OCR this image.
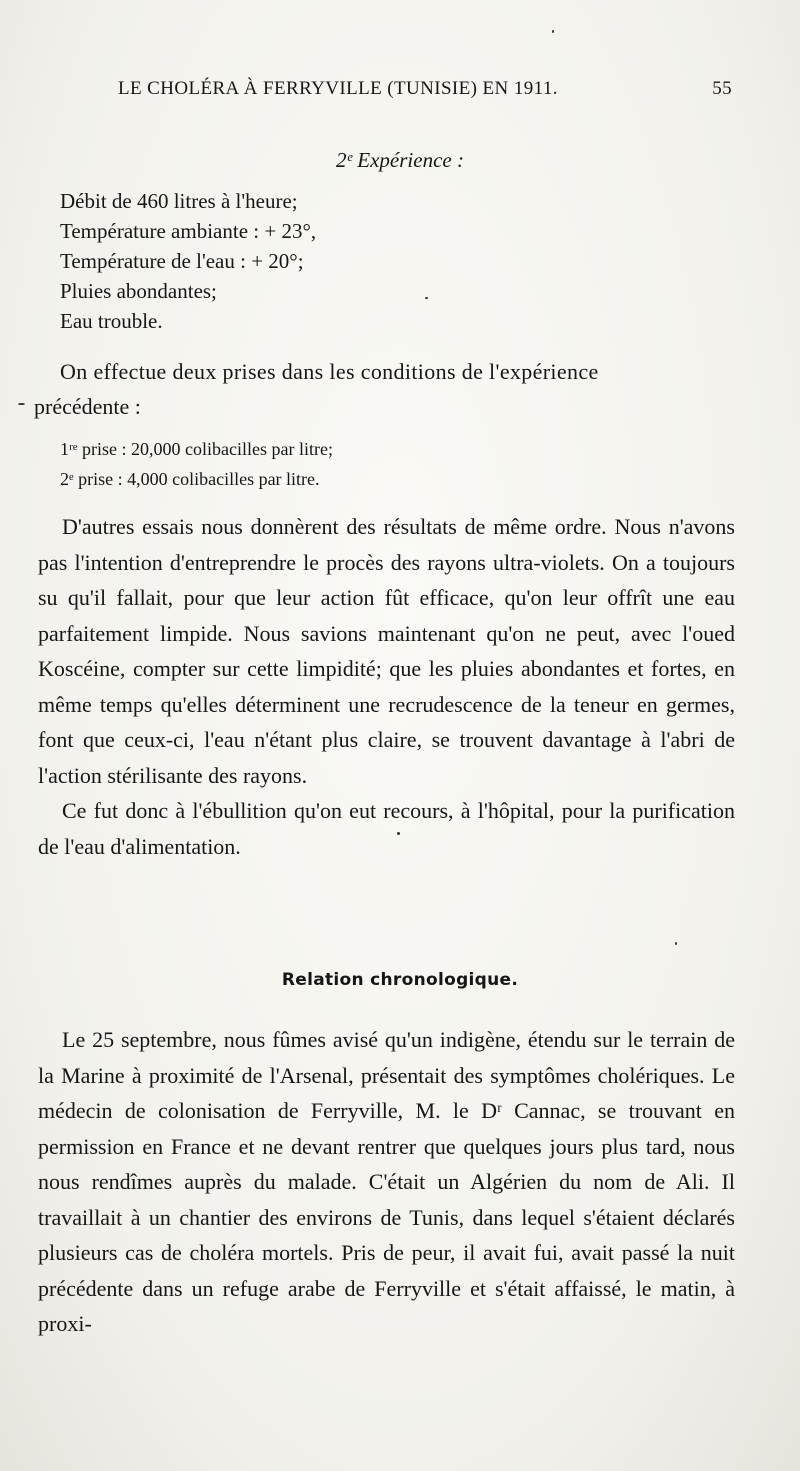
LE CHOLÉRA À FERRYVILLE (TUNISIE) EN 1911.	55
2ᵉ Expérience :
Débit de 460 litres à l'heure;
Température ambiante : + 23°,
Température de l'eau : + 20°;
Pluies abondantes;
Eau trouble.
On effectue deux prises dans les conditions de l'expérience
précédente :
1ʳᵉ prise : 20,000 colibacilles par litre;
2ᵉ prise : 4,000 colibacilles par litre.

D'autres essais nous donnèrent des résultats de même ordre. Nous n'avons pas l'intention d'entreprendre le procès des rayons ultra-violets. On a toujours su qu'il fallait, pour que leur action fût efficace, qu'on leur offrît une eau parfaitement limpide. Nous savions maintenant qu'on ne peut, avec l'oued Koscéine, compter sur cette limpidité; que les pluies abondantes et fortes, en même temps qu'elles déterminent une recrudescence de la teneur en germes, font que ceux-ci, l'eau n'étant plus claire, se trouvent davantage à l'abri de l'action stérilisante des rayons.

Ce fut donc à l'ébullition qu'on eut recours, à l'hôpital, pour la purification de l'eau d'alimentation.

Relation chronologique.

Le 25 septembre, nous fûmes avisé qu'un indigène, étendu sur le terrain de la Marine à proximité de l'Arsenal, présentait des symptômes cholériques. Le médecin de colonisation de Ferryville, M. le Dʳ Cannac, se trouvant en permission en France et ne devant rentrer que quelques jours plus tard, nous nous rendîmes auprès du malade. C'était un Algérien du nom de Ali. Il travaillait à un chantier des environs de Tunis, dans lequel s'étaient déclarés plusieurs cas de choléra mortels. Pris de peur, il avait fui, avait passé la nuit précédente dans un refuge arabe de Ferryville et s'était affaissé, le matin, à proxi-
